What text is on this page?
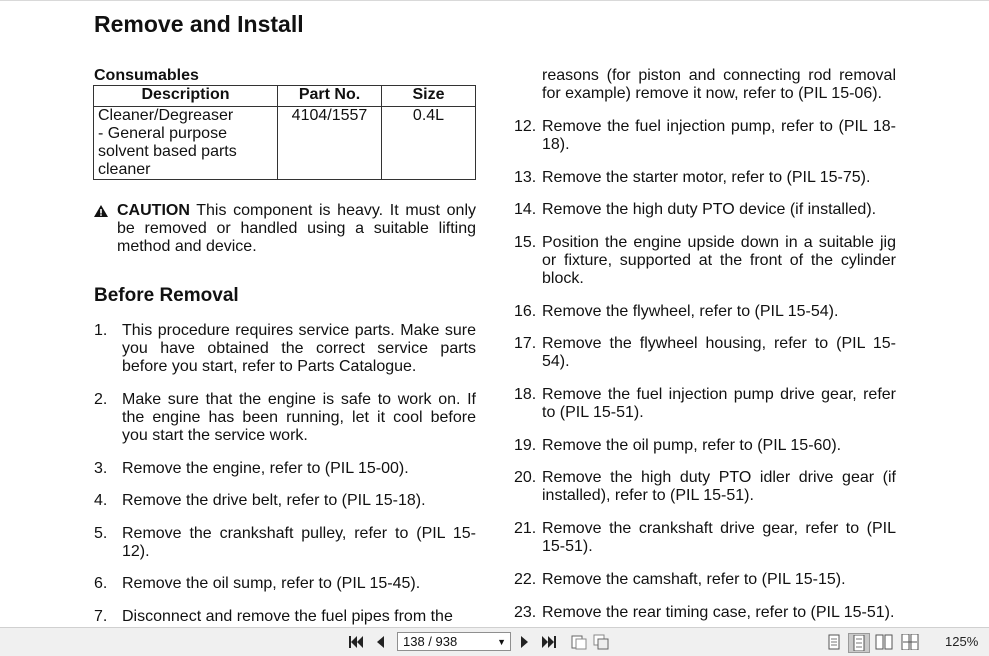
Remove and Install
Consumables
Description	Part No.	Size

Cleaner/Degreaser
- General purpose
solvent based parts
cleaner	4104/1557	0.4L
CAUTION This component is heavy. It must only be removed or handled using a suitable lifting method and device.
Before Removal
1. This procedure requires service parts. Make sure you have obtained the correct service parts before you start, refer to Parts Catalogue.
2. Make sure that the engine is safe to work on. If the engine has been running, let it cool before you start the service work.
3. Remove the engine, refer to (PIL 15-00).
4. Remove the drive belt, refer to (PIL 15-18).
5. Remove the crankshaft pulley, refer to (PIL 15-12).
6. Remove the oil sump, refer to (PIL 15-45).
7. Disconnect and remove the fuel pipes from the
reasons (for piston and connecting rod removal for example) remove it now, refer to (PIL 15-06).
12. Remove the fuel injection pump, refer to (PIL 18-18).
13. Remove the starter motor, refer to (PIL 15-75).
14. Remove the high duty PTO device (if installed).
15. Position the engine upside down in a suitable jig or fixture, supported at the front of the cylinder block.
16. Remove the flywheel, refer to (PIL 15-54).
17. Remove the flywheel housing, refer to (PIL 15-54).
18. Remove the fuel injection pump drive gear, refer to (PIL 15-51).
19. Remove the oil pump, refer to (PIL 15-60).
20. Remove the high duty PTO idler drive gear (if installed), refer to (PIL 15-51).
21. Remove the crankshaft drive gear, refer to (PIL 15-51).
22. Remove the camshaft, refer to (PIL 15-15).
23. Remove the rear timing case, refer to (PIL 15-51).
138 / 938	▼	125%
